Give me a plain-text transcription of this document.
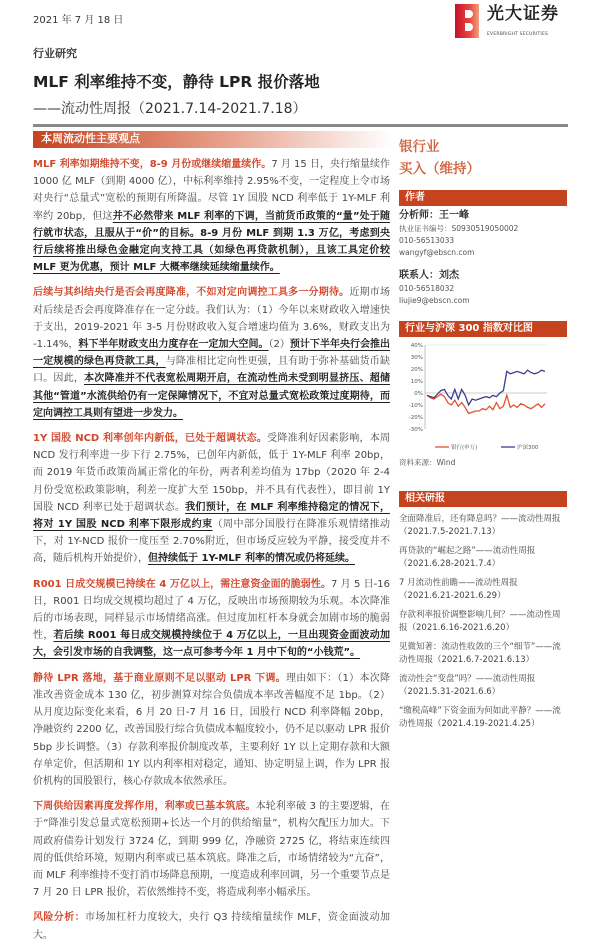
2021 年 7 月 18 日	光大证券
EVERBRIGHT SECURITIES
行业研究
MLF 利率维持不变，静待 LPR 报价落地
——流动性周报（2021.7.14-2021.7.18）
本周流动性主要观点

MLF 利率如期维持不变，8-9 月份或继续缩量续作。7 月 15 日，央行缩量续作 1000 亿 MLF（到期 4000 亿），中标利率维持 2.95%不变，一定程度上令市场对央行“总量式”宽松的预期有所降温。尽管 1Y 国股 NCD 利率低于 1Y-MLF 利率约 20bp，但这并不必然带来 MLF 利率的下调，当前货币政策的“量”处于随行就市状态，且服从于“价”的目标。8-9 月份 MLF 到期 1.3 万亿，考虑到央行后续将推出绿色金融定向支持工具（如绿色再贷款机制），且该工具定价较 MLF 更为优惠，预计 MLF 大概率继续延续缩量续作。

后续与其纠结央行是否会再度降准，不如对定向调控工具多一分期待。近期市场对后续是否会再度降准存在一定分歧。我们认为：（1）今年以来财政收入增速快于支出，2019-2021 年 3-5 月份财政收入复合增速均值为 3.6%，财政支出为 -1.14%，料下半年财政支出力度存在一定加大空间。（2）预计下半年央行会推出一定规模的绿色再贷款工具，与降准相比定向性更强，且有助于弥补基础货币缺口。因此，本次降准并不代表宽松周期开启，在流动性尚未受到明显挤压、超储其他“管道”水流供给仍有一定保障情况下，不宜对总量式宽松政策过度期待，而定向调控工具则有望进一步发力。

1Y 国股 NCD 利率创年内新低，已处于超调状态。受降准利好因素影响，本周 NCD 发行利率进一步下行 2.75%，已创年内新低，低于 1Y-MLF 利率 20bp，而 2019 年货币政策尚属正常化的年份，两者利差均值为 17bp（2020 年 2-4 月份受宽松政策影响，利差一度扩大至 150bp，并不具有代表性），即目前 1Y 国股 NCD 利率已处于超调状态。我们预计，在 MLF 利率维持稳定的情况下，将对 1Y 国股 NCD 利率下限形成约束（周中部分国股行在降准乐观情绪推动下，对 1Y-NCD 报价一度压至 2.70%附近，但市场反应较为平静，接受度并不高，随后机构开始提价），但持续低于 1Y-MLF 利率的情况或仍将延续。

R001 日成交规模已持续在 4 万亿以上，需注意资金面的脆弱性。7 月 5 日-16 日，R001 日均成交规模均超过了 4 万亿，反映出市场预期较为乐观。本次降准后的市场表现，同样显示市场情绪高涨。但过度加杠杆本身就会加剧市场的脆弱性，若后续 R001 每日成交规模持续位于 4 万亿以上，一旦出现资金面波动加大，会引发市场的自我调整，这一点可参考今年 1 月中下旬的“小钱荒”。

静待 LPR 落地，基于商业原则不足以驱动 LPR 下调。理由如下：（1）本次降准改善资金成本 130 亿，初步测算对综合负债成本率改善幅度不足 1bp。（2）从月度边际变化来看，6 月 20 日-7 月 16 日，国股行 NCD 利率降幅 20bp，净融资约 2200 亿，改善国股行综合负债成本幅度较小，仍不足以驱动 LPR 报价 5bp 步长调整。（3）存款利率报价制度改革，主要利好 1Y 以上定期存款和大额存单定价，但活期和 1Y 以内利率相对稳定，通知、协定明显上调，作为 LPR 报价机构的国股银行，核心存款成本依然承压。

下周供给因素再度发挥作用，利率或已基本筑底。本轮利率破 3 的主要逻辑，在于“降准引发总量式宽松预期+长达一个月的供给缩量”，机构欠配压力加大。下周政府债券计划发行 3724 亿，到期 999 亿，净融资 2725 亿，将结束连续四周的低供给环境，短期内利率或已基本筑底。降准之后，市场情绪较为“亢奋”，而 MLF 利率维持不变打消市场降息预期，一度造成利率回调，另一个重要节点是 7 月 20 日 LPR 报价，若依然维持不变，将造成利率小幅承压。

风险分析：市场加杠杆力度较大，央行 Q3 持续缩量续作 MLF，资金面波动加大。

银行业
买入（维持）
作者
分析师：王一峰
执业证书编号：S0930519050002
010-56513033
wangyf@ebscn.com
联系人：刘杰
010-56518032
liujie9@ebscn.com
行业与沪深 300 指数对比图
40%
30%
20%
10%
0%
-10%
-20%
-30%
银行(申万)	沪深300
资料来源：Wind
相关研报
全面降准后，还有降息吗？——流动性周报（2021.7.5-2021.7.13）
再贷款的“崛起之路”——流动性周报（2021.6.28-2021.7.4）
7 月流动性前瞻——流动性周报（2021.6.21-2021.6.29）
存款利率报价调整影响几何？——流动性周报（2021.6.16-2021.6.20）
见微知著：流动性收敛的三个“细节”——流动性周报（2021.6.7-2021.6.13）
流动性会“变盘”吗？——流动性周报（2021.5.31-2021.6.6）
“缴税高峰”下资金面为何如此平静？——流动性周报（2021.4.19-2021.4.25）
